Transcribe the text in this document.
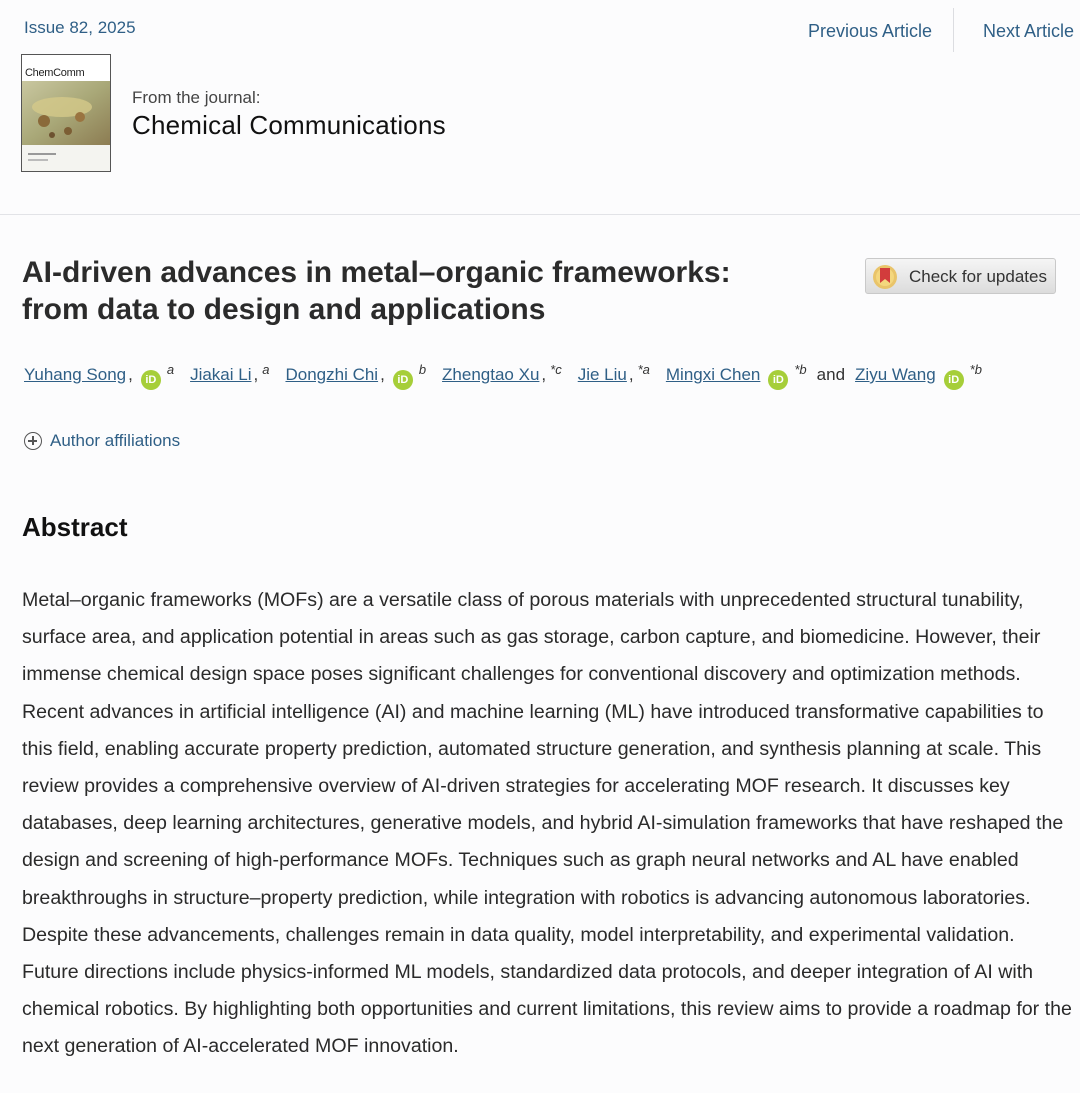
Issue 82, 2025	Previous Article	Next Article
ChemComm
From the journal:
Chemical Communications
AI-driven advances in metal–organic frameworks:
from data to design and applications
Check for updates
Yuhang Song , $iD^a$ Jiakai Li , $^a$ Dongzhi Chi , $iD^b$ Zhengtao Xu , $^{*c}$ Jie Liu , $^{*a}$ Mingxi Chen $iD^{*b}$ and Ziyu Wang $iD^{*b}$
Author affiliations
Abstract

Metal–organic frameworks (MOFs) are a versatile class of porous materials with unprecedented structural tunability, surface area, and application potential in areas such as gas storage, carbon capture, and biomedicine. However, their immense chemical design space poses significant challenges for conventional discovery and optimization methods. Recent advances in artificial intelligence (AI) and machine learning (ML) have introduced transformative capabilities to this field, enabling accurate property prediction, automated structure generation, and synthesis planning at scale. This review provides a comprehensive overview of AI-driven strategies for accelerating MOF research. It discusses key databases, deep learning architectures, generative models, and hybrid AI-simulation frameworks that have reshaped the design and screening of high-performance MOFs. Techniques such as graph neural networks and AL have enabled breakthroughs in structure–property prediction, while integration with robotics is advancing autonomous laboratories. Despite these advancements, challenges remain in data quality, model interpretability, and experimental validation. Future directions include physics-informed ML models, standardized data protocols, and deeper integration of AI with chemical robotics. By highlighting both opportunities and current limitations, this review aims to provide a roadmap for the next generation of AI-accelerated MOF innovation.
